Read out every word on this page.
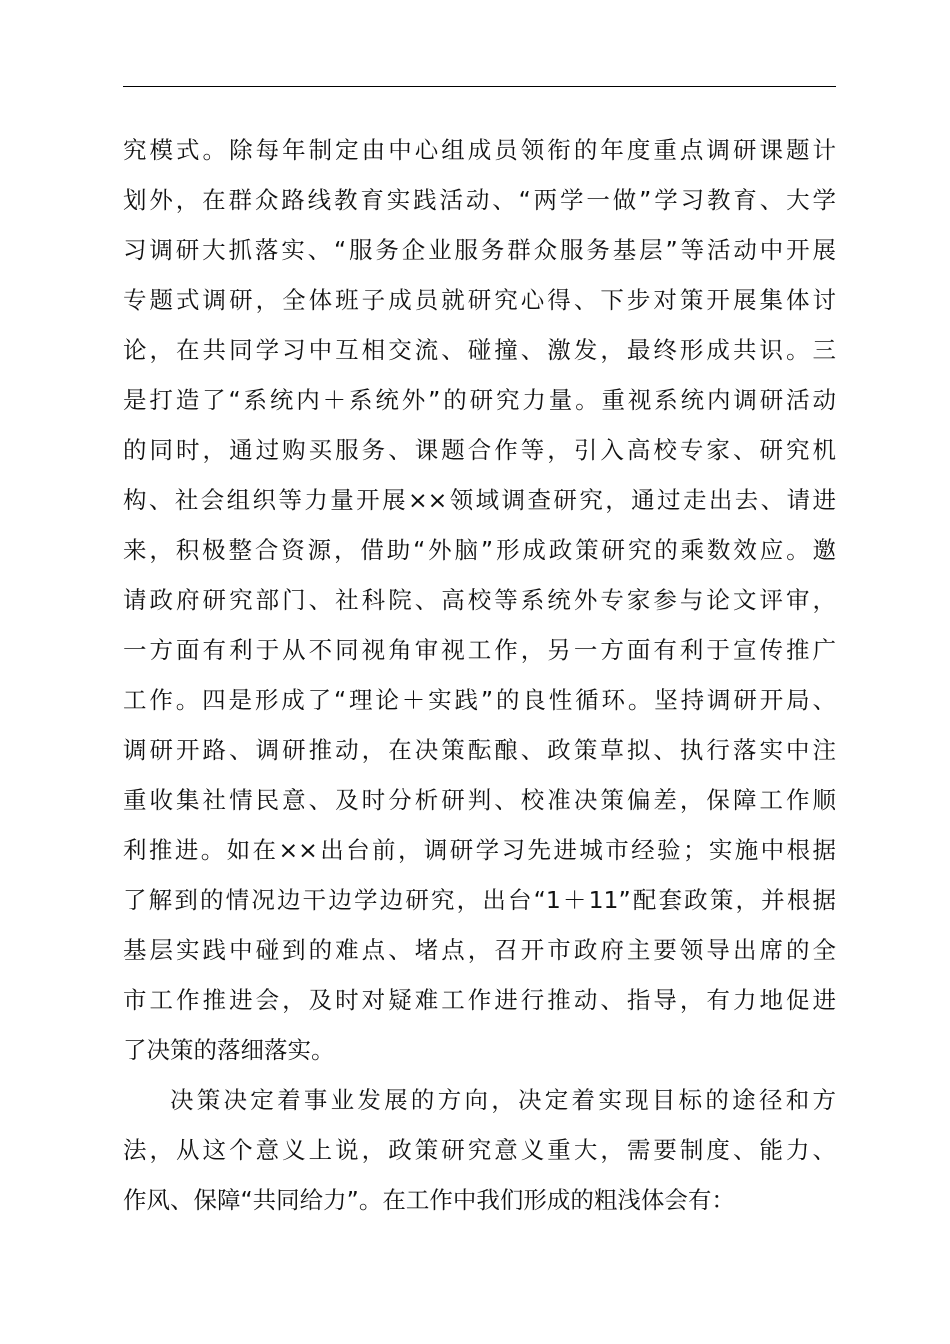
究模式。除每年制定由中心组成员领衔的年度重点调研课题计
划外，在群众路线教育实践活动、“两学一做”学习教育、大学
习调研大抓落实、“服务企业服务群众服务基层”等活动中开展
专题式调研，全体班子成员就研究心得、下步对策开展集体讨
论，在共同学习中互相交流、碰撞、激发，最终形成共识。三
是打造了“系统内＋系统外”的研究力量。重视系统内调研活动
的同时，通过购买服务、课题合作等，引入高校专家、研究机
构、社会组织等力量开展××领域调查研究，通过走出去、请进
来，积极整合资源，借助“外脑”形成政策研究的乘数效应。邀
请政府研究部门、社科院、高校等系统外专家参与论文评审，
一方面有利于从不同视角审视工作，另一方面有利于宣传推广
工作。四是形成了“理论＋实践”的良性循环。坚持调研开局、
调研开路、调研推动，在决策酝酿、政策草拟、执行落实中注
重收集社情民意、及时分析研判、校准决策偏差，保障工作顺
利推进。如在××出台前，调研学习先进城市经验；实施中根据
了解到的情况边干边学边研究，出台“1＋11”配套政策，并根据
基层实践中碰到的难点、堵点，召开市政府主要领导出席的全
市工作推进会，及时对疑难工作进行推动、指导，有力地促进
了决策的落细落实。
决策决定着事业发展的方向，决定着实现目标的途径和方
法，从这个意义上说，政策研究意义重大，需要制度、能力、
作风、保障“共同给力”。在工作中我们形成的粗浅体会有：
